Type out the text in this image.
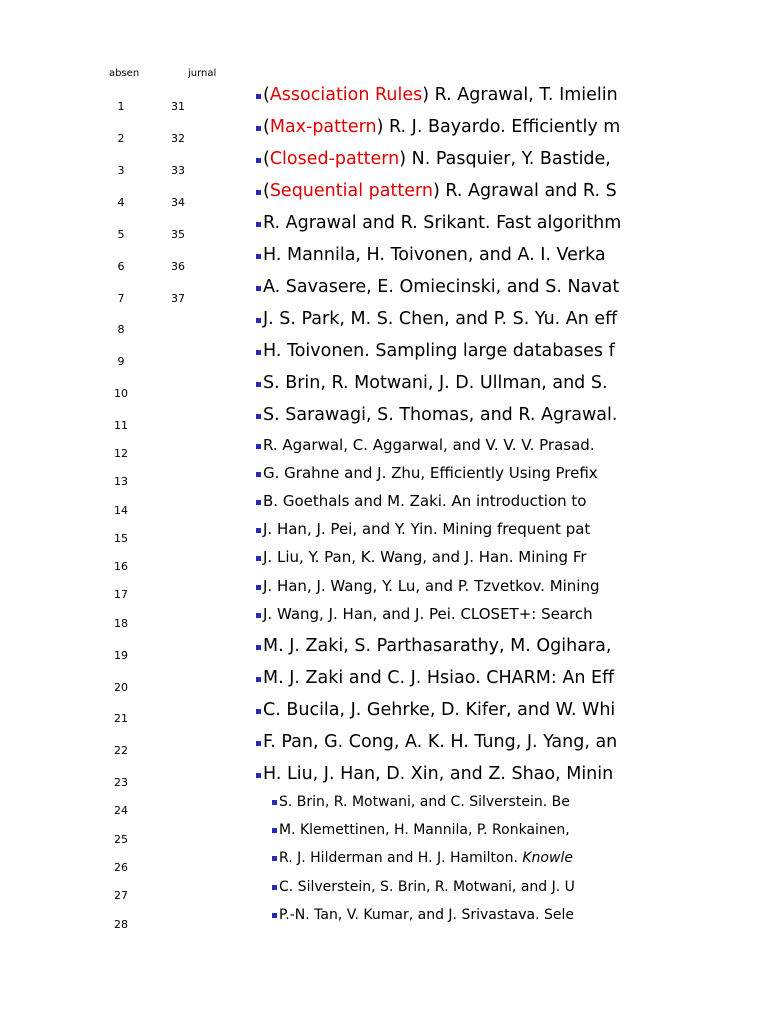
absen	jurnal
1
2
3
4
5
6
7
8
9
10
11
12
13
14
15
16
17
18
19
20
21
22
23
24
25
26
27
28
31
32
33
34
35
36
37
(Association Rules) R. Agrawal, T. Imielin
(Max-pattern) R. J. Bayardo. Efficiently m
(Closed-pattern) N. Pasquier, Y. Bastide,
(Sequential pattern) R. Agrawal and R. S
R. Agrawal and R. Srikant. Fast algorithm
H. Mannila, H. Toivonen, and A. I. Verka
A. Savasere, E. Omiecinski, and S. Navat
J. S. Park, M. S. Chen, and P. S. Yu. An eff
H. Toivonen. Sampling large databases f
S. Brin, R. Motwani, J. D. Ullman, and S.
S. Sarawagi, S. Thomas, and R. Agrawal.
R. Agarwal, C. Aggarwal, and V. V. V. Prasad.
G. Grahne and J. Zhu, Efficiently Using Prefix
B. Goethals and M. Zaki. An introduction to
J. Han, J. Pei, and Y. Yin. Mining frequent pat
J. Liu, Y. Pan, K. Wang, and J. Han. Mining Fr
J. Han, J. Wang, Y. Lu, and P. Tzvetkov. Mining
J. Wang, J. Han, and J. Pei. CLOSET+: Search
M. J. Zaki, S. Parthasarathy, M. Ogihara,
M. J. Zaki and C. J. Hsiao. CHARM: An Eff
C. Bucila, J. Gehrke, D. Kifer, and W. Whi
F. Pan, G. Cong, A. K. H. Tung, J. Yang, an
H. Liu, J. Han, D. Xin, and Z. Shao, Minin
S. Brin, R. Motwani, and C. Silverstein. Be
M. Klemettinen, H. Mannila, P. Ronkainen,
R. J. Hilderman and H. J. Hamilton. Knowle
C. Silverstein, S. Brin, R. Motwani, and J. U
P.-N. Tan, V. Kumar, and J. Srivastava. Sele
